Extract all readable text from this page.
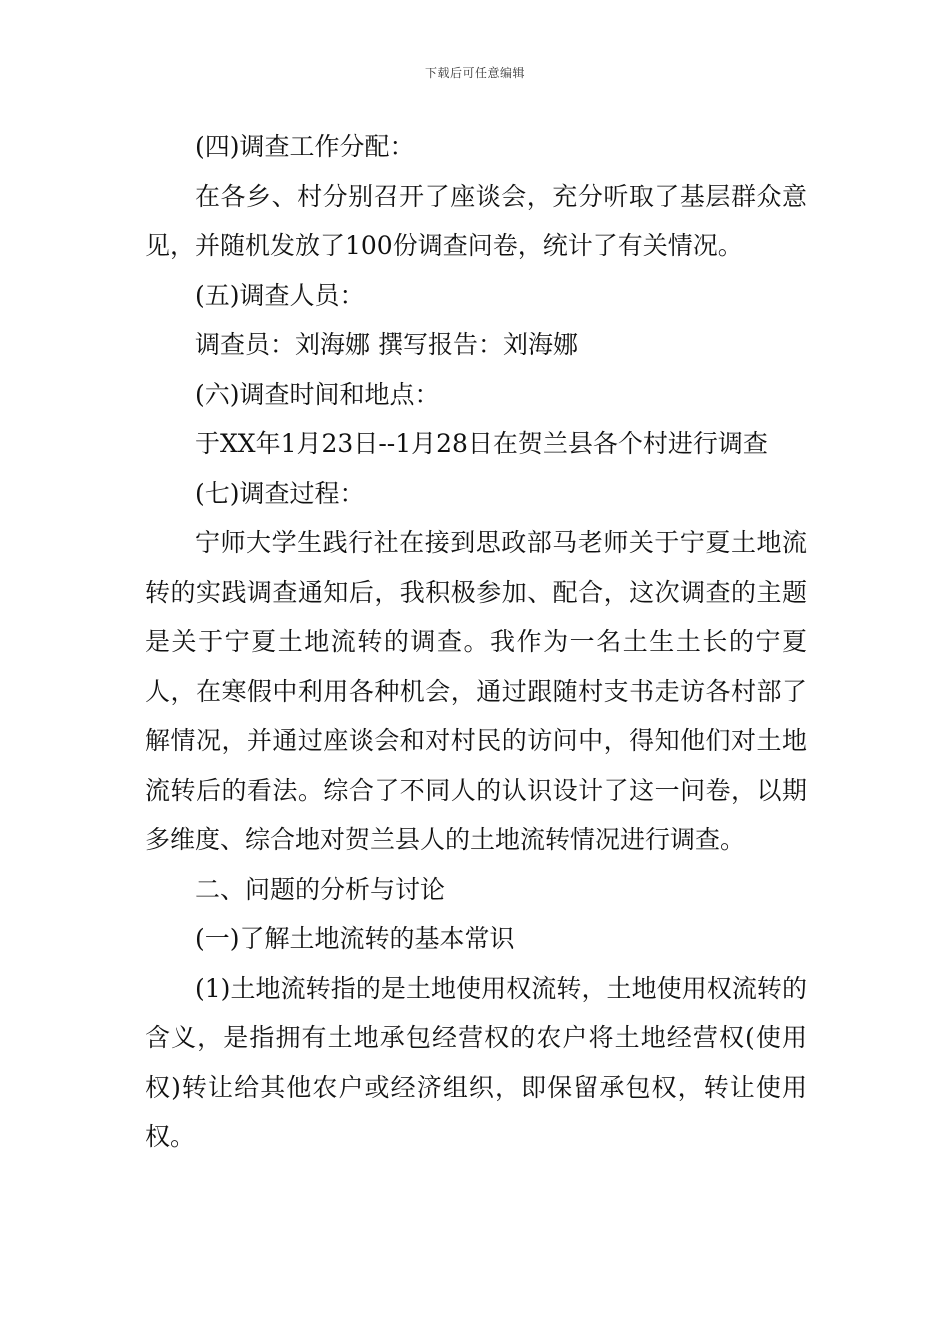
下载后可任意编辑

(四)调查工作分配：

在各乡、村分别召开了座谈会，充分听取了基层群众意见，并随机发放了100份调查问卷，统计了有关情况。

(五)调查人员：

调查员：刘海娜 撰写报告：刘海娜

(六)调查时间和地点：

于XX年1月23日--1月28日在贺兰县各个村进行调查

(七)调查过程：

宁师大学生践行社在接到思政部马老师关于宁夏土地流转的实践调查通知后，我积极参加、配合，这次调查的主题是关于宁夏土地流转的调查。我作为一名土生土长的宁夏人，在寒假中利用各种机会，通过跟随村支书走访各村部了解情况，并通过座谈会和对村民的访问中，得知他们对土地流转后的看法。综合了不同人的认识设计了这一问卷，以期多维度、综合地对贺兰县人的土地流转情况进行调查。

二、问题的分析与讨论

(一)了解土地流转的基本常识

(1)土地流转指的是土地使用权流转，土地使用权流转的含义，是指拥有土地承包经营权的农户将土地经营权(使用权)转让给其他农户或经济组织，即保留承包权，转让使用权。
